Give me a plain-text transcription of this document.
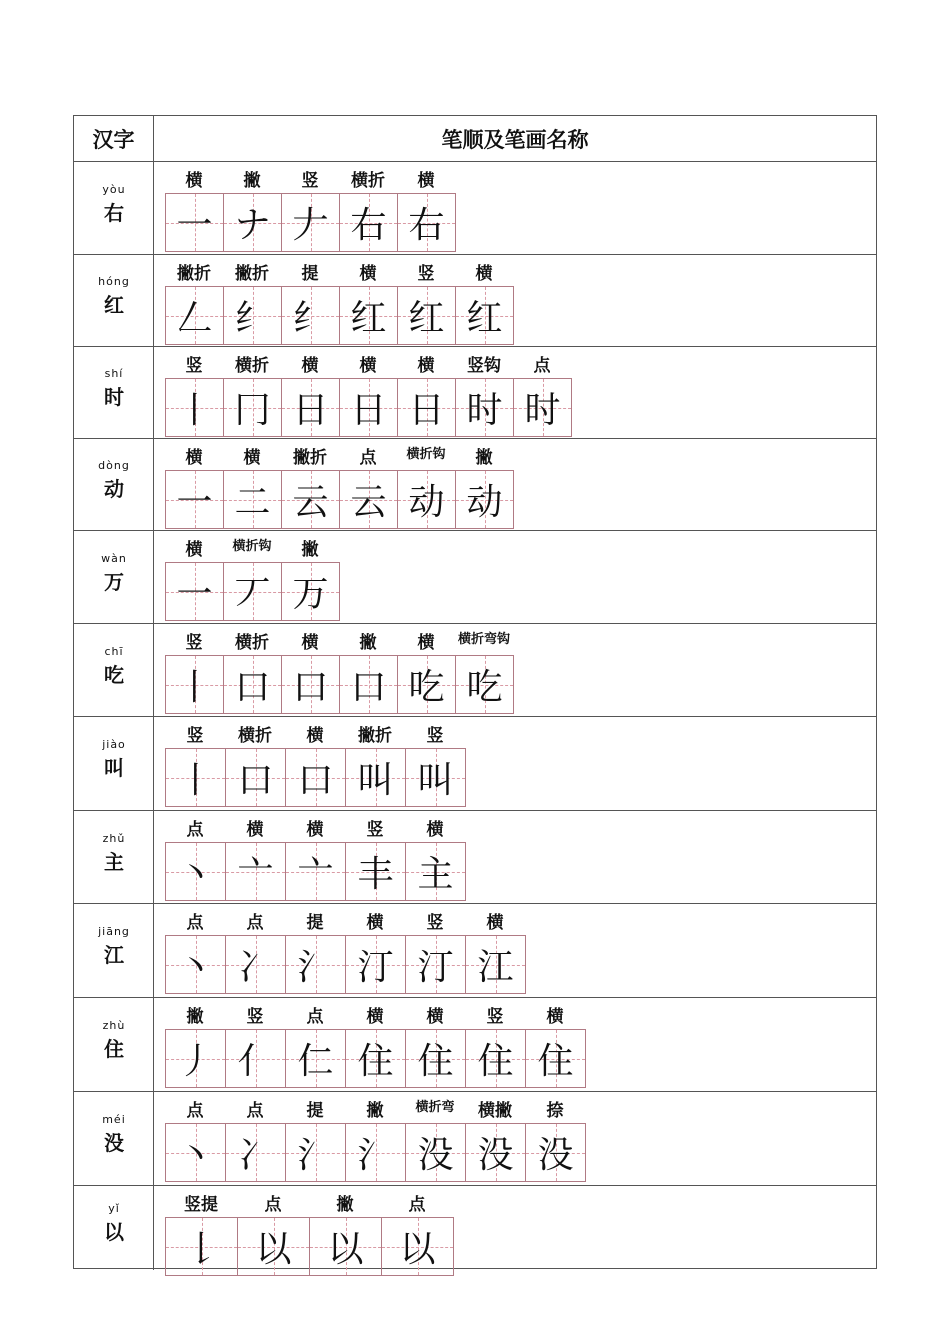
汉字	笔顺及笔画名称
yòu
右
横 撇 竖 横折 横
一 ナ 𠂇 右 右
hóng
红
撇折 撇折 提 横 竖 横
𠃋 纟 纟 红 红 红
shí
时
竖 横折 横 横 横 竖钩 点
丨 冂 日 日 日 时 时
dòng
动
横 横 撇折 点 横折钩 撇
一 二 云 云 动 动
wàn
万
横 横折钩 撇
一 丆 万
chī
吃
竖 横折 横 撇 横 横折弯钩
丨 口 口 口 吃 吃
jiào
叫
竖 横折 横 撇折 竖
丨 口 口 叫 叫
zhǔ
主
点	横	横	竖	横
丶 亠 亠 丰 主
jiāng
江
点	点	提	横	竖	横
丶 冫 氵 汀 汀 江
zhù
住
撇	竖	点	横	横	竖	横
丿 亻 仁 住 住 住 住
méi
没
点	点	提	撇 横折弯 横撇 捺
丶 冫 氵 氵 没 没 没
yǐ
以
竖提	点	撇	点
𠄌 以 以 以
